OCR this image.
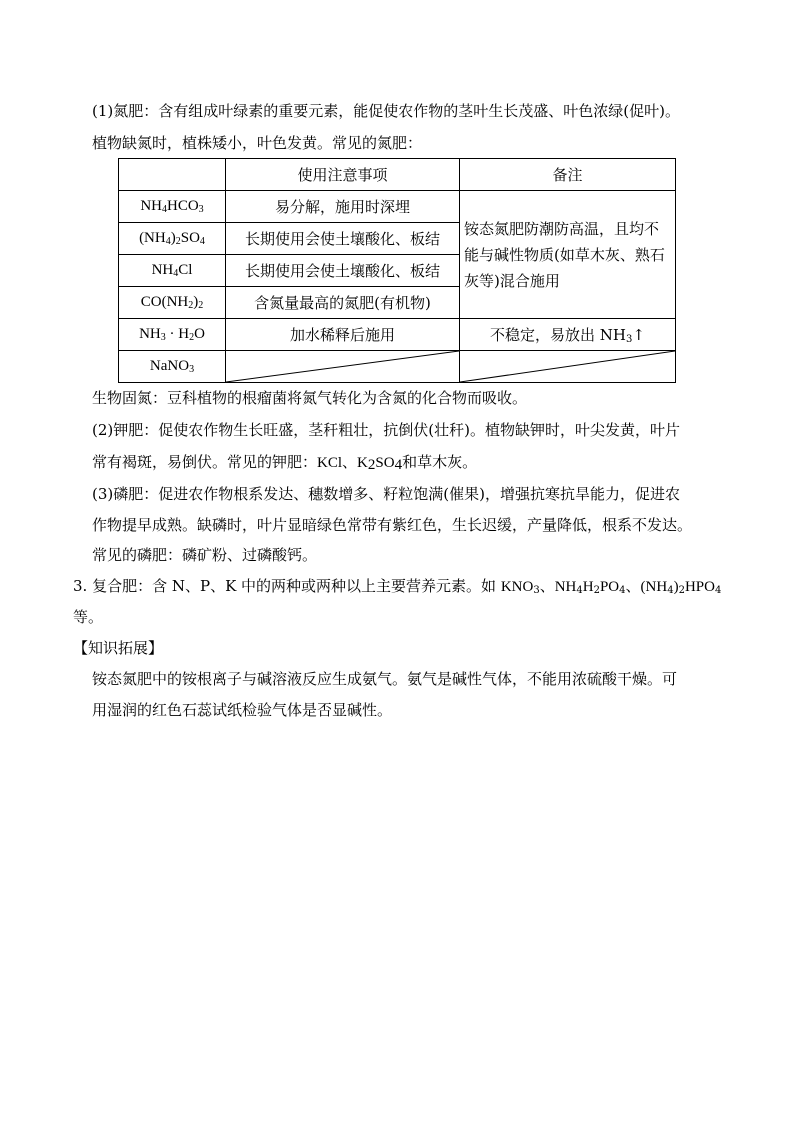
(1)氮肥：含有组成叶绿素的重要元素，能促使农作物的茎叶生长茂盛、叶色浓绿(促叶)。
植物缺氮时，植株矮小，叶色发黄。常见的氮肥：
	使用注意事项	备注
$NH_4HCO_3$	易分解，施用时深埋	铵态氮肥防潮防高温，且均不能与碱性物质(如草木灰、熟石灰等)混合施用
$(NH_4)_2SO_4$	长期使用会使土壤酸化、板结	
$NH_4Cl$	长期使用会使土壤酸化、板结	
$CO(NH_2)_2$	含氮量最高的氮肥(有机物)	
$NH_3 \cdot H_2O$	加水稀释后施用	不稳定，易放出 $NH_3↑$
NaNO$_3$	

生物固氮：豆科植物的根瘤菌将氮气转化为含氮的化合物而吸收。
(2)钾肥：促使农作物生长旺盛，茎秆粗壮，抗倒伏(壮秆)。植物缺钾时，叶尖发黄，叶片
常有褐斑，易倒伏。常见的钾肥：KCl、$K_2SO_4$和草木灰。
(3)磷肥：促进农作物根系发达、穗数增多、籽粒饱满(催果)，增强抗寒抗旱能力，促进农
作物提早成熟。缺磷时，叶片显暗绿色常带有紫红色，生长迟缓，产量降低，根系不发达。
常见的磷肥：磷矿粉、过磷酸钙。
3. 复合肥：含 N、P、K 中的两种或两种以上主要营养元素。如 $KNO_3$、$NH_4H_2PO_4$、$(NH_4)_2HPO_4$
等。
【知识拓展】
铵态氮肥中的铵根离子与碱溶液反应生成氨气。氨气是碱性气体，不能用浓硫酸干燥。可
用湿润的红色石蕊试纸检验气体是否显碱性。
